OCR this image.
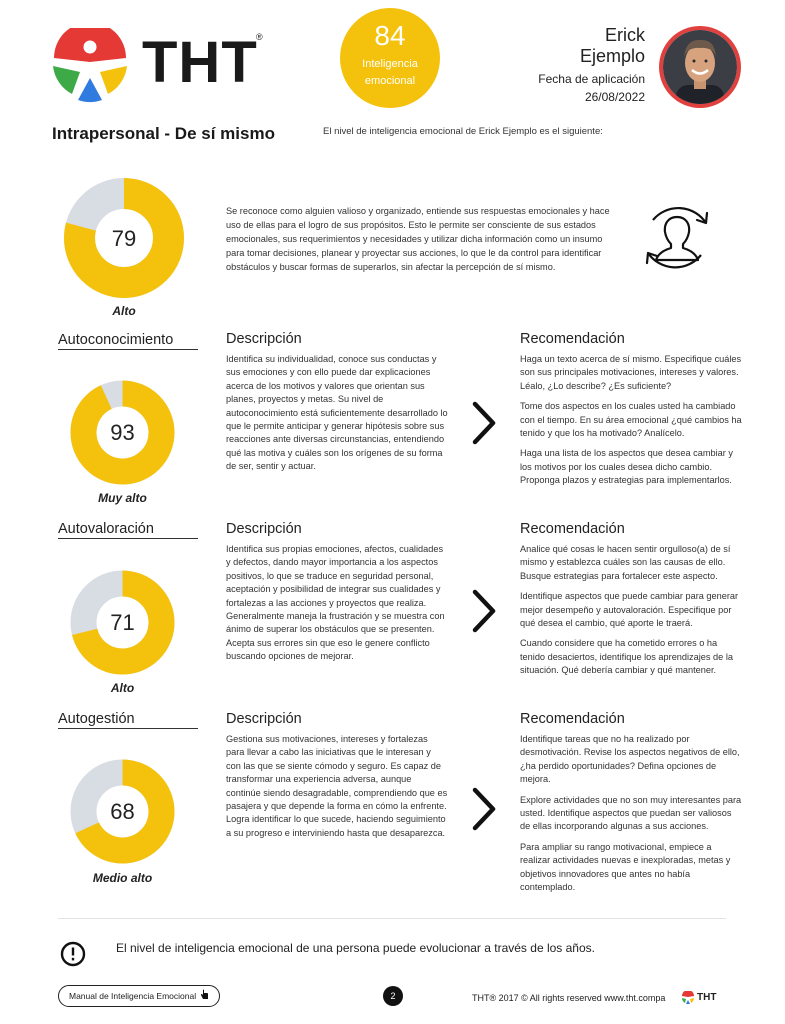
THT
®	84
Inteligencia
emocional
Erick
Ejemplo
Fecha de aplicación
26/08/2022
Intrapersonal - De sí mismo	El nivel de inteligencia emocional de Erick Ejemplo es el siguiente:
79
Alto
Se reconoce como alguien valioso y organizado, entiende sus respuestas emocionales y hace uso de ellas para el logro de sus propósitos. Esto le permite ser consciente de sus estados emocionales, sus requerimientos y necesidades y utilizar dicha información como un insumo para tomar decisiones, planear y proyectar sus acciones, lo que le da control para identificar obstáculos y buscar formas de superarlos, sin afectar la percepción de sí mismo.
Autoconocimiento
93
Muy alto
Descripción
Identifica su individualidad, conoce sus conductas y sus emociones y con ello puede dar explicaciones acerca de los motivos y valores que orientan sus planes, proyectos y metas. Su nivel de autoconocimiento está suficientemente desarrollado lo que le permite anticipar y generar hipótesis sobre sus reacciones ante diversas circunstancias, entendiendo qué las motiva y cuáles son los orígenes de su forma de ser, sentir y actuar.
Recomendación

Haga un texto acerca de sí mismo. Especifique cuáles son sus principales motivaciones, intereses y valores. Léalo, ¿Lo describe? ¿Es suficiente?

Tome dos aspectos en los cuales usted ha cambiado con el tiempo. En su área emocional ¿qué cambios ha tenido y que los ha motivado? Analícelo.

Haga una lista de los aspectos que desea cambiar y los motivos por los cuales desea dicho cambio. Proponga plazos y estrategias para implementarlos.

Autovaloración
71
Alto
Descripción
Identifica sus propias emociones, afectos, cualidades y defectos, dando mayor importancia a los aspectos positivos, lo que se traduce en seguridad personal, aceptación y posibilidad de integrar sus cualidades y fortalezas a las acciones y proyectos que realiza. Generalmente maneja la frustración y se muestra con ánimo de superar los obstáculos que se presenten. Acepta sus errores sin que eso le genere conflicto buscando opciones de mejorar.
Recomendación

Analice qué cosas le hacen sentir orgulloso(a) de sí mismo y establezca cuáles son las causas de ello. Busque estrategias para fortalecer este aspecto.

Identifique aspectos que puede cambiar para generar mejor desempeño y autovaloración. Especifique por qué desea el cambio, qué aporte le traerá.

Cuando considere que ha cometido errores o ha tenido desaciertos, identifique los aprendizajes de la situación. Qué debería cambiar y qué mantener.

Autogestión
68
Medio alto
Descripción
Gestiona sus motivaciones, intereses y fortalezas para llevar a cabo las iniciativas que le interesan y con las que se siente cómodo y seguro. Es capaz de transformar una experiencia adversa, aunque continúe siendo desagradable, comprendiendo que es pasajera y que depende la forma en cómo la enfrente. Logra identificar lo que sucede, haciendo seguimiento a su progreso e interviniendo hasta que desaparezca.
Recomendación

Identifique tareas que no ha realizado por desmotivación. Revise los aspectos negativos de ello, ¿ha perdido oportunidades? Defina opciones de mejora.

Explore actividades que no son muy interesantes para usted. Identifique aspectos que puedan ser valiosos de ellas incorporando algunas a sus acciones.

Para ampliar su rango motivacional, empiece a realizar actividades nuevas e inexploradas, metas y objetivos innovadores que antes no había contemplado.

El nivel de inteligencia emocional de una persona puede evolucionar a través de los años.
Manual de Inteligencia Emocional	2	THT® 2017 © All rights reserved www.tht.compa	THT
